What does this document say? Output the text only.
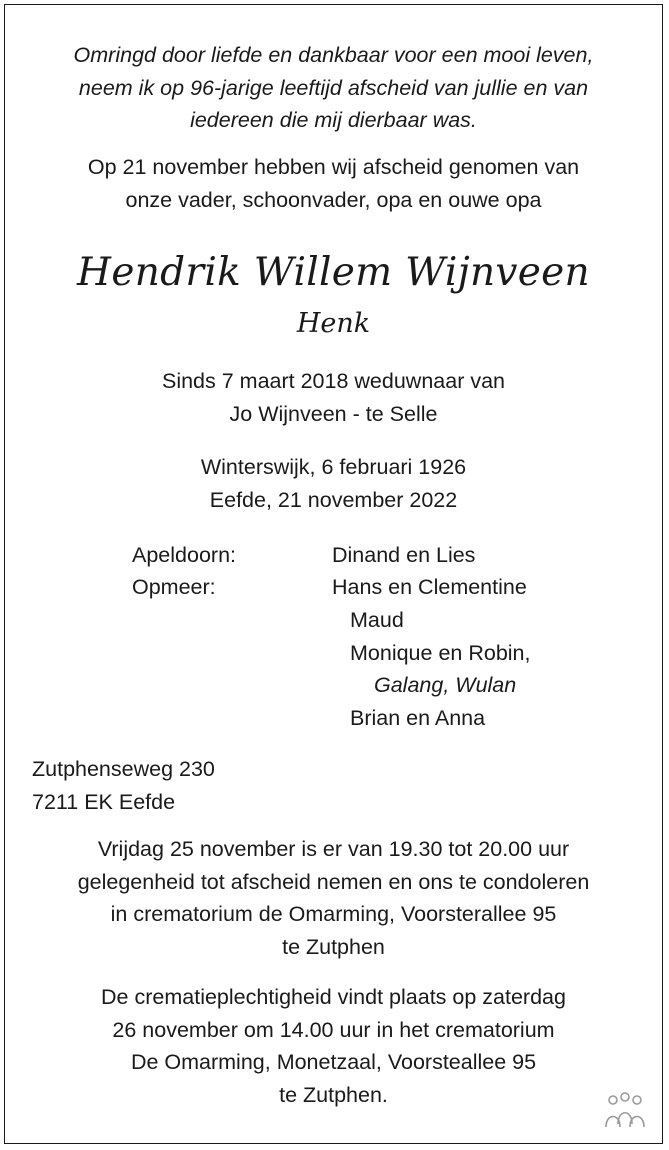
Omringd door liefde en dankbaar voor een mooi leven,
neem ik op 96-jarige leeftijd afscheid van jullie en van
iedereen die mij dierbaar was.
Op 21 november hebben wij afscheid genomen van
onze vader, schoonvader, opa en ouwe opa
Hendrik Willem Wijnveen
Henk
Sinds 7 maart 2018 weduwnaar van
Jo Wijnveen - te Selle
Winterswijk, 6 februari 1926
Eefde, 21 november 2022
Apeldoorn:
Opmeer:
Dinand en Lies
Hans en Clementine
Maud
Monique en Robin,
Galang, Wulan
Brian en Anna
Zutphenseweg 230
7211 EK Eefde
Vrijdag 25 november is er van 19.30 tot 20.00 uur
gelegenheid tot afscheid nemen en ons te condoleren
in crematorium de Omarming, Voorsterallee 95
te Zutphen
De crematieplechtigheid vindt plaats op zaterdag
26 november om 14.00 uur in het crematorium
De Omarming, Monetzaal, Voorsteallee 95
te Zutphen.
